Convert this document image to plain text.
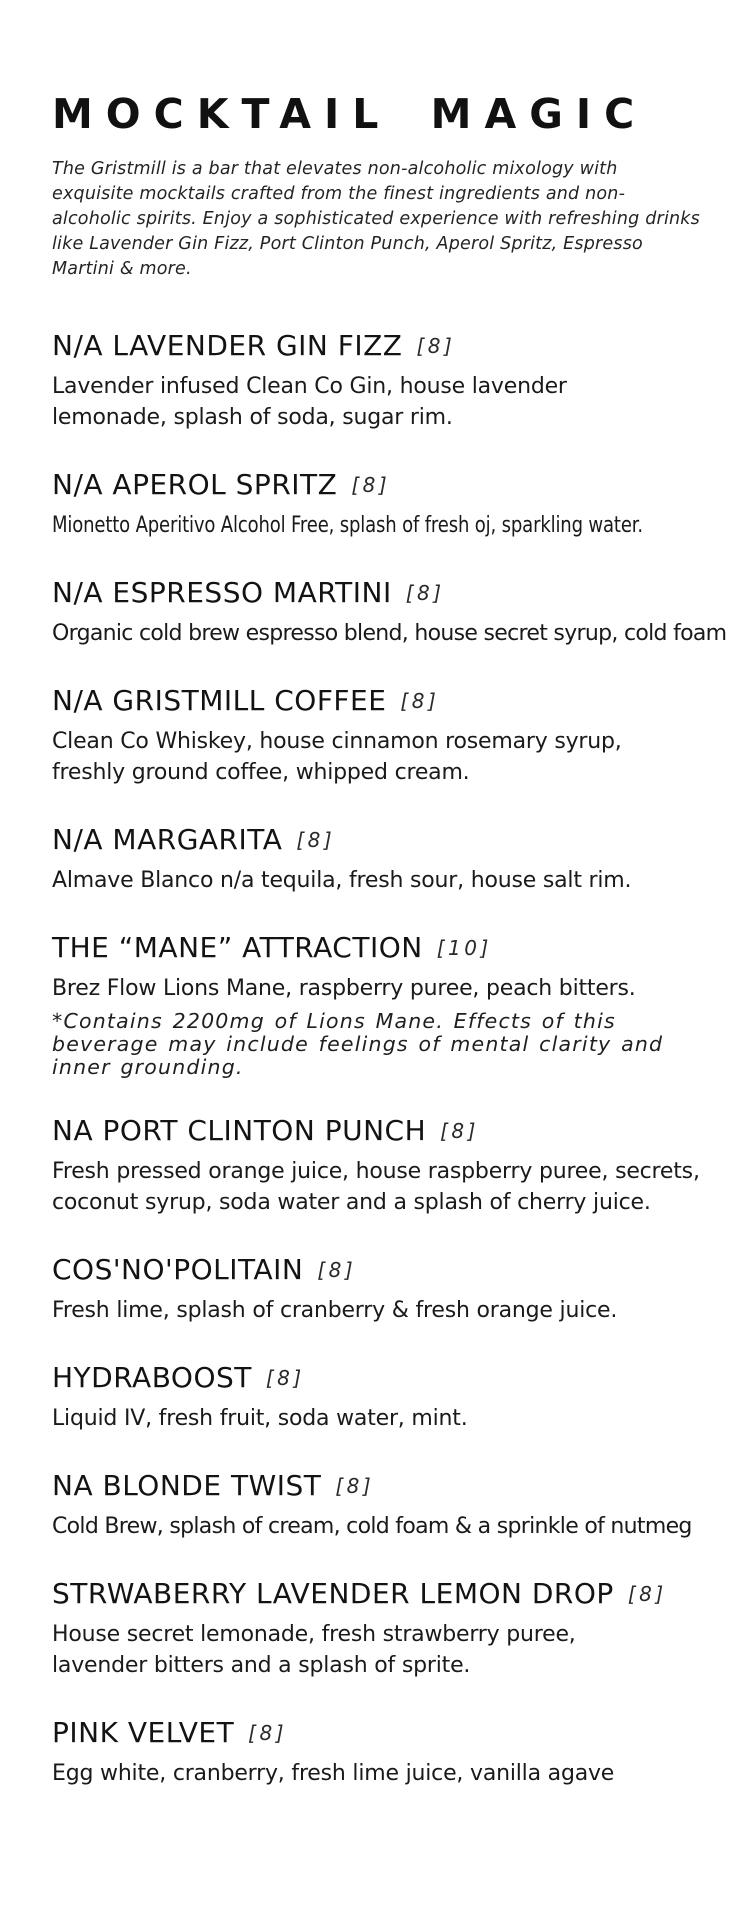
MOCKTAIL MAGIC

The Gristmill is a bar that elevates non-alcoholic mixology with exquisite mocktails crafted from the finest ingredients and non-alcoholic spirits. Enjoy a sophisticated experience with refreshing drinks like Lavender Gin Fizz, Port Clinton Punch, Aperol Spritz, Espresso Martini & more.

N/A LAVENDER GIN FIZZ [8]

Lavender infused Clean Co Gin, house lavender lemonade, splash of soda, sugar rim.

N/A APEROL SPRITZ [8]

Mionetto Aperitivo Alcohol Free, splash of fresh oj, sparkling water.

N/A ESPRESSO MARTINI [8]

Organic cold brew espresso blend, house secret syrup, cold foam

N/A GRISTMILL COFFEE [8]

Clean Co Whiskey, house cinnamon rosemary syrup, freshly ground coffee, whipped cream.

N/A MARGARITA [8]

Almave Blanco n/a tequila, fresh sour, house salt rim.

THE “MANE” ATTRACTION [10]

Brez Flow Lions Mane, raspberry puree, peach bitters.

*Contains 2200mg of Lions Mane. Effects of this beverage may include feelings of mental clarity and inner grounding.

NA PORT CLINTON PUNCH [8]

Fresh pressed orange juice, house raspberry puree, secrets, coconut syrup, soda water and a splash of cherry juice.

COS'NO'POLITAIN [8]

Fresh lime, splash of cranberry & fresh orange juice.

HYDRABOOST [8]

Liquid IV, fresh fruit, soda water, mint.

NA BLONDE TWIST [8]

Cold Brew, splash of cream, cold foam & a sprinkle of nutmeg

STRWABERRY LAVENDER LEMON DROP [8]

House secret lemonade, fresh strawberry puree, lavender bitters and a splash of sprite.

PINK VELVET [8]

Egg white, cranberry, fresh lime juice, vanilla agave
